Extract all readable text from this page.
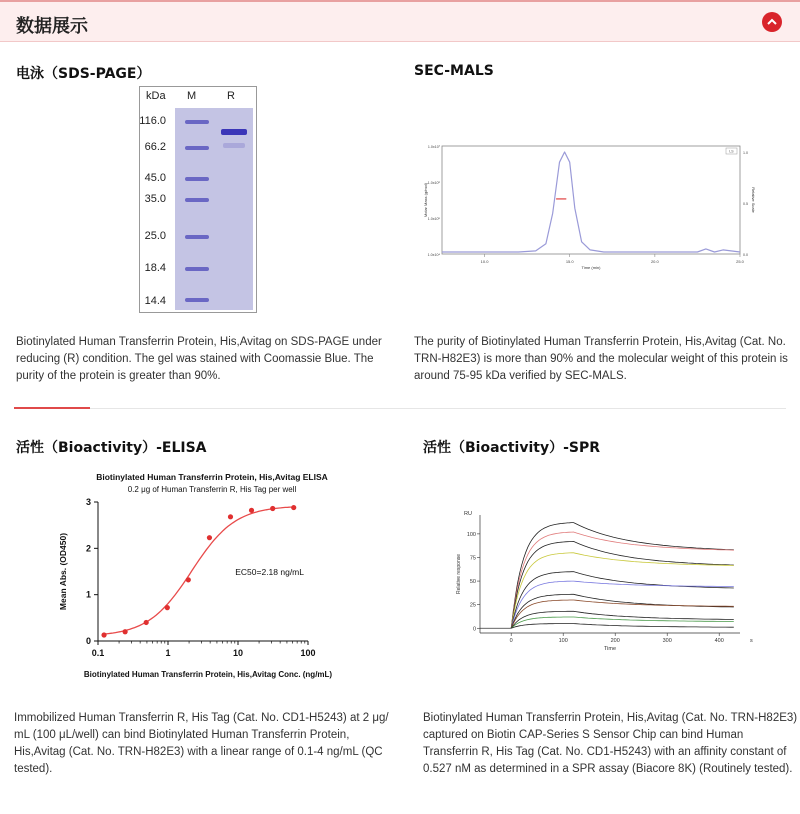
数据展示
电泳（SDS-PAGE）
kDa M	R
116.0
66.2
45.0
35.0
25.0
18.4
14.4
Biotinylated Human Transferrin Protein, His,Avitag on SDS-PAGE under
reducing (R) condition. The gel was stained with Coomassie Blue. The
purity of the protein is greater than 90%.
SEC-MALS
10.0	15.0	20.0	25.0
1.0x10⁴
1.0x10⁵
1.0x10⁶
1.0x10⁷
0.0
0.5
1.0
Time (min)
Molar Mass (g/mol)	Relative Scale
LS
The purity of Biotinylated Human Transferrin Protein, His,Avitag (Cat. No.
TRN-H82E3) is more than 90% and the molecular weight of this protein is
around 75-95 kDa verified by SEC-MALS.
活性（Bioactivity）-ELISA
Biotinylated Human Transferrin Protein, His,Avitag ELISA
0.2 μg of Human Transferrin R, His Tag per well
0
1
2
3
0.1	1	10	100
Biotinylated Human Transferrin Protein, His,Avitag Conc. (ng/mL)
Mean Abs. (OD450)	EC50=2.18 ng/mL
Immobilized Human Transferrin R, His Tag (Cat. No. CD1-H5243) at 2 μg/
mL (100 μL/well) can bind Biotinylated Human Transferrin Protein,
His,Avitag (Cat. No. TRN-H82E3) with a linear range of 0.1-4 ng/mL (QC
tested).
活性（Bioactivity）-SPR
0
25
50
75
100
0	100	200	300	400
RU
s
Time
Relative response
Biotinylated Human Transferrin Protein, His,Avitag (Cat. No. TRN-H82E3)
captured on Biotin CAP-Series S Sensor Chip can bind Human
Transferrin R, His Tag (Cat. No. CD1-H5243) with an affinity constant of
0.527 nM as determined in a SPR assay (Biacore 8K) (Routinely tested).
